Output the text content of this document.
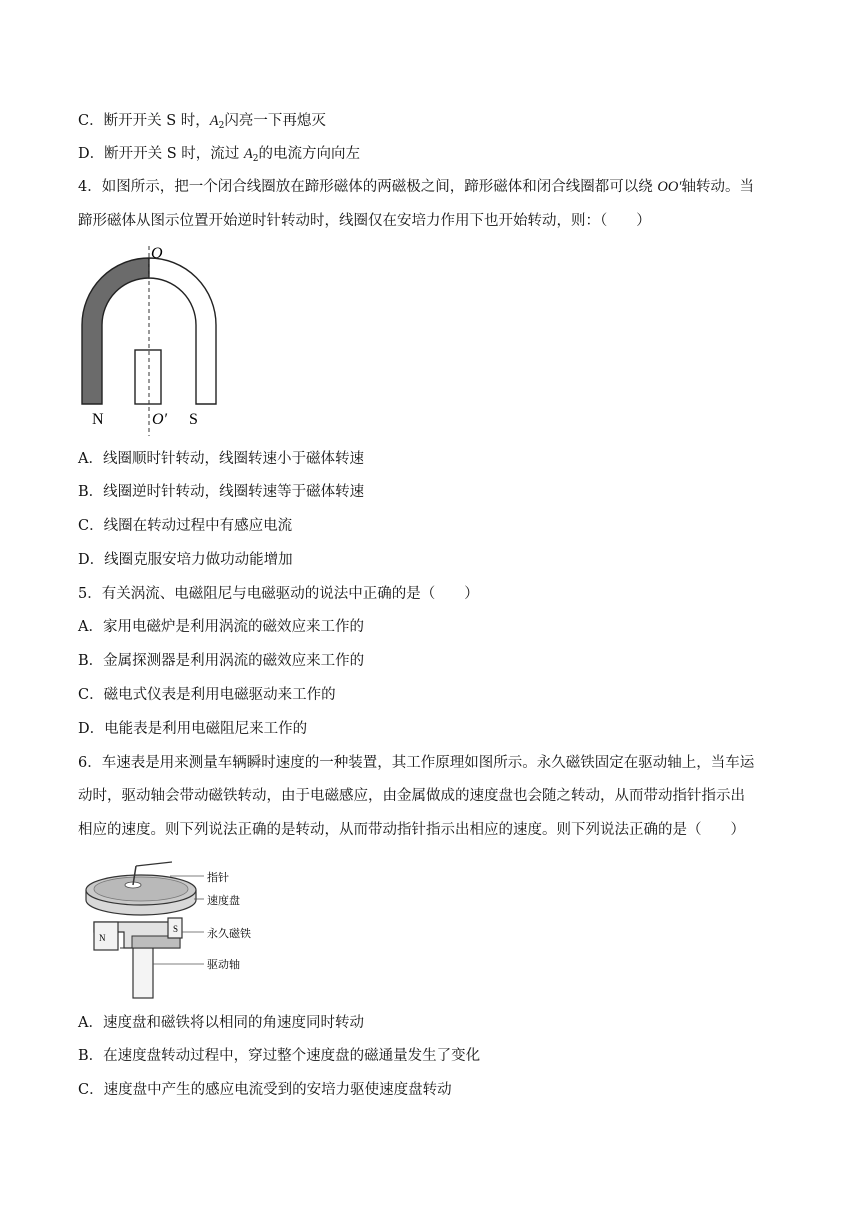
C．断开开关 S 时，$A_2$闪亮一下再熄灭
D．断开开关 S 时，流过 $A_2$的电流方向向左
4．如图所示，把一个闭合线圈放在蹄形磁体的两磁极之间，蹄形磁体和闭合线圈都可以绕 OO′轴转动。当
蹄形磁体从图示位置开始逆时针转动时，线圈仅在安培力作用下也开始转动，则：（　　）
O
N	O′ S
A．线圈顺时针转动，线圈转速小于磁体转速
B．线圈逆时针转动，线圈转速等于磁体转速
C．线圈在转动过程中有感应电流
D．线圈克服安培力做功动能增加
5．有关涡流、电磁阻尼与电磁驱动的说法中正确的是（　　）
A．家用电磁炉是利用涡流的磁效应来工作的
B．金属探测器是利用涡流的磁效应来工作的
C．磁电式仪表是利用电磁驱动来工作的
D．电能表是利用电磁阻尼来工作的
6．车速表是用来测量车辆瞬时速度的一种装置，其工作原理如图所示。永久磁铁固定在驱动轴上，当车运
动时，驱动轴会带动磁铁转动，由于电磁感应，由金属做成的速度盘也会随之转动，从而带动指针指示出
相应的速度。则下列说法正确的是转动，从而带动指针指示出相应的速度。则下列说法正确的是（　　）
N
S
指针
速度盘
永久磁铁
驱动轴
A．速度盘和磁铁将以相同的角速度同时转动
B．在速度盘转动过程中，穿过整个速度盘的磁通量发生了变化
C．速度盘中产生的感应电流受到的安培力驱使速度盘转动
